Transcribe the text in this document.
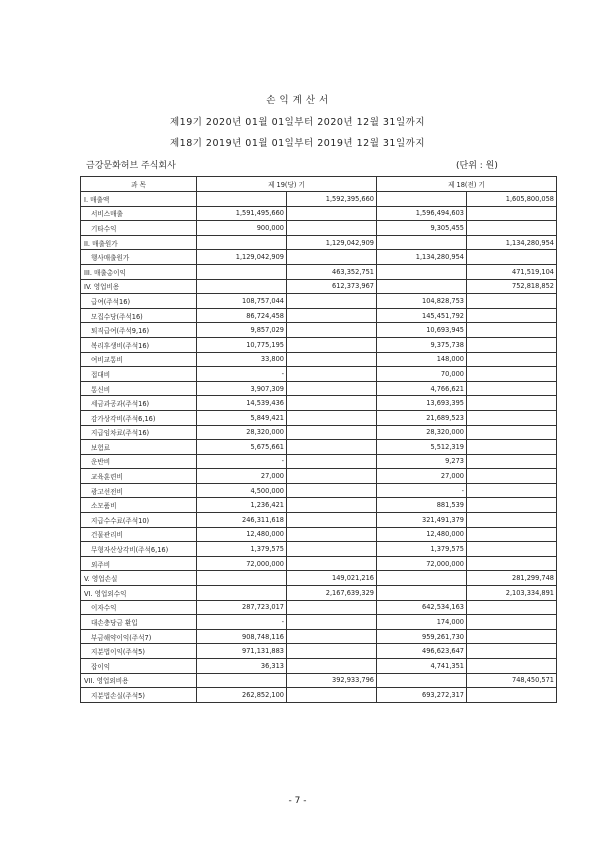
손 익 계 산 서
제19기 2020년 01월 01일부터 2020년 12월 31일까지
제18기 2019년 01월 01일부터 2019년 12월 31일까지
금강문화허브 주식회사	(단위 : 원)
과 목	제 19(당) 기		제 18(전) 기	
I. 매출액		1,592,395,660		1,605,800,058
서비스매출	1,591,495,660		1,596,494,603	
기타수익	900,000		9,305,455	
II. 매출원가		1,129,042,909		1,134,280,954
행사매출원가	1,129,042,909		1,134,280,954	
III. 매출총이익		463,352,751		471,519,104
IV. 영업비용		612,373,967		752,818,852
급여(주석16)	108,757,044		104,828,753	
모집수당(주석16)	86,724,458		145,451,792	
퇴직급여(주석9,16)	9,857,029		10,693,945	
복리후생비(주석16)	10,775,195		9,375,738	
여비교통비	33,800		148,000	
접대비	-		70,000	
통신비	3,907,309		4,766,621	
세금과공과(주석16)	14,539,436		13,693,395	
감가상각비(주석6,16)	5,849,421		21,689,523	
지급임차료(주석16)	28,320,000		28,320,000	
보험료	5,675,661		5,512,319	
운반비	-		9,273	
교육훈련비	27,000		27,000	
광고선전비	4,500,000		-	
소모품비	1,236,421		881,539	
지급수수료(주석10)	246,311,618		321,491,379	
건물관리비	12,480,000		12,480,000	
무형자산상각비(주석6,16)	1,379,575		1,379,575	
외주비	72,000,000		72,000,000	
V. 영업손실		149,021,216		281,299,748
VI. 영업외수익		2,167,639,329		2,103,334,891
이자수익	287,723,017		642,534,163	
대손충당금 환입	-		174,000	
부금해약이익(주석7)	908,748,116		959,261,730	
지분법이익(주석5)	971,131,883		496,623,647	
잡이익	36,313		4,741,351	
VII. 영업외비용		392,933,796		748,450,571
지분법손실(주석5)	262,852,100		693,272,317	
- 7 -
